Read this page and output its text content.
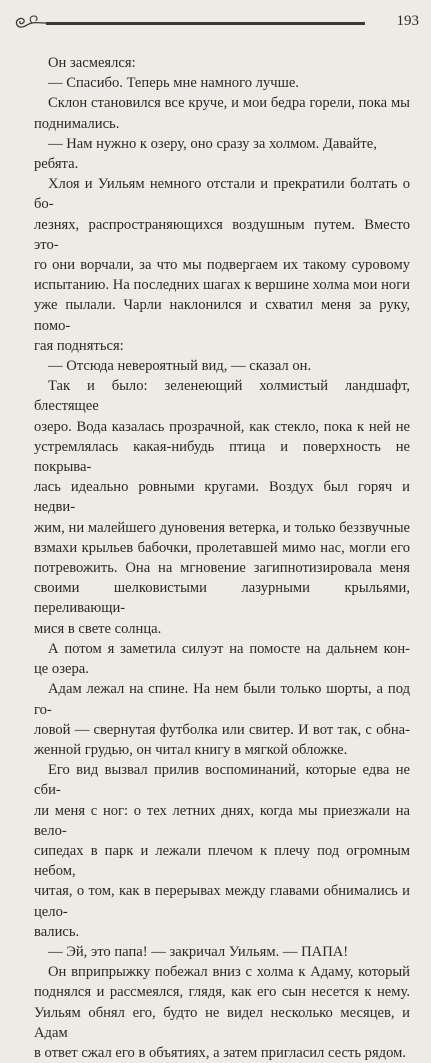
193

Он засмеялся:

— Спасибо. Теперь мне намного лучше.

Склон становился все круче, и мои бедра горели, пока мы
поднимались.

— Нам нужно к озеру, оно сразу за холмом. Давайте, ребята.

Хлоя и Уильям немного отстали и прекратили болтать о бо-
лезнях, распространяющихся воздушным путем. Вместо это-
го они ворчали, за что мы подвергаем их такому суровому
испытанию. На последних шагах к вершине холма мои ноги
уже пылали. Чарли наклонился и схватил меня за руку, помо-
гая подняться:

— Отсюда невероятный вид, — сказал он.

Так и было: зеленеющий холмистый ландшафт, блестящее
озеро. Вода казалась прозрачной, как стекло, пока к ней не
устремлялась какая-нибудь птица и поверхность не покрыва-
лась идеально ровными кругами. Воздух был горяч и недви-
жим, ни малейшего дуновения ветерка, и только беззвучные
взмахи крыльев бабочки, пролетавшей мимо нас, могли его
потревожить. Она на мгновение загипнотизировала меня
своими шелковистыми лазурными крыльями, переливающи-
мися в свете солнца.

А потом я заметила силуэт на помосте на дальнем кон-
це озера.

Адам лежал на спине. На нем были только шорты, а под го-
ловой — свернутая футболка или свитер. И вот так, с обна-
женной грудью, он читал книгу в мягкой обложке.

Его вид вызвал прилив воспоминаний, которые едва не сби-
ли меня с ног: о тех летних днях, когда мы приезжали на вело-
сипедах в парк и лежали плечом к плечу под огромным небом,
читая, о том, как в перерывах между главами обнимались и цело-
вались.

— Эй, это папа! — закричал Уильям. — ПАПА!

Он вприпрыжку побежал вниз с холма к Адаму, который
поднялся и рассмеялся, глядя, как его сын несется к нему.
Уильям обнял его, будто не видел несколько месяцев, и Адам
в ответ сжал его в объятиях, а затем пригласил сесть рядом.
